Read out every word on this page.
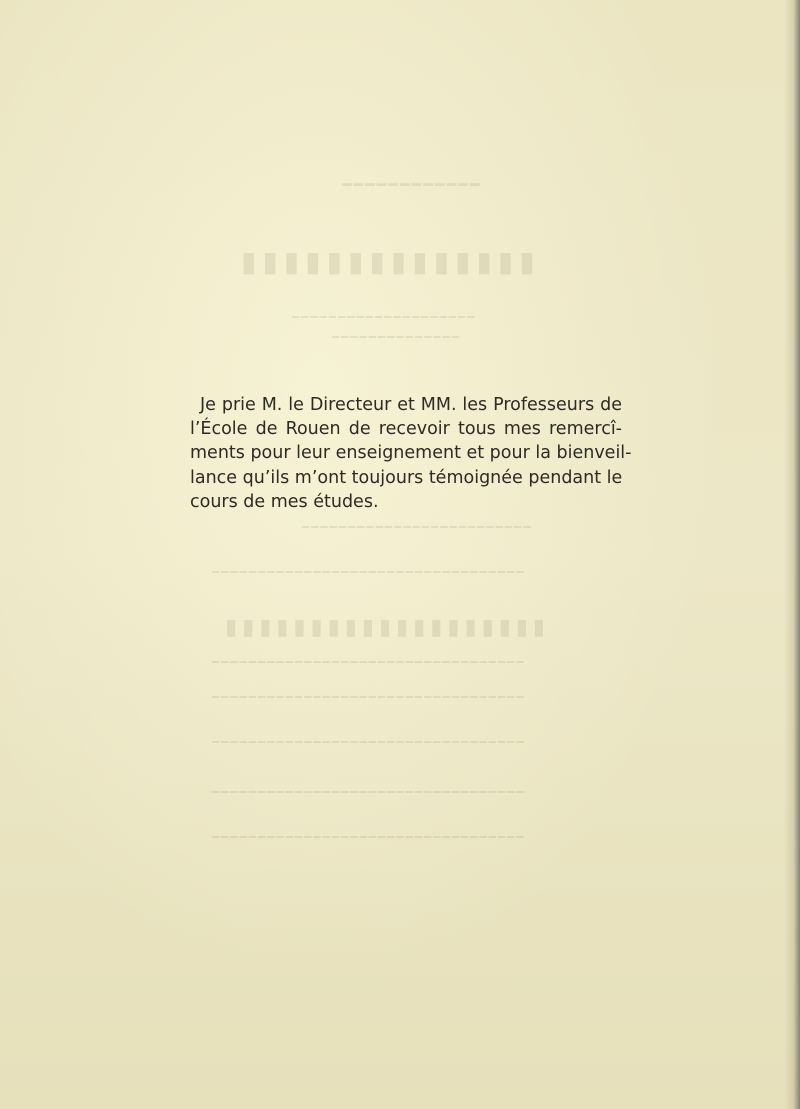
━━━━━━━━━━━━
▮▮▮▮▮▮▮▮▮▮▮▮▮▮
━━━━━━━━━━━━━━━━━━━━
━━━━━━━━━━━━━━
━━━━━━━━━━━━━━━━━━━━━━━━━
━━━━━━━━━━━━━━━━━━━━━━━━━━━━━━━━━━
▮▮▮▮▮▮▮▮▮▮▮▮▮▮▮▮▮▮▮
━━━━━━━━━━━━━━━━━━━━━━━━━━━━━━━━━━
━━━━━━━━━━━━━━━━━━━━━━━━━━━━━━━━━━
━━━━━━━━━━━━━━━━━━━━━━━━━━━━━━━━━━
━━━━━━━━━━━━━━━━━━━━━━━━━━━━━━━━━━
━━━━━━━━━━━━━━━━━━━━━━━━━━━━━━━━━━
Je prie M. le Directeur et MM. les Professeurs de
l’École de Rouen de recevoir tous mes remercî-
ments pour leur enseignement et pour la bienveil-
lance qu’ils m’ont toujours témoignée pendant le
cours de mes études.
